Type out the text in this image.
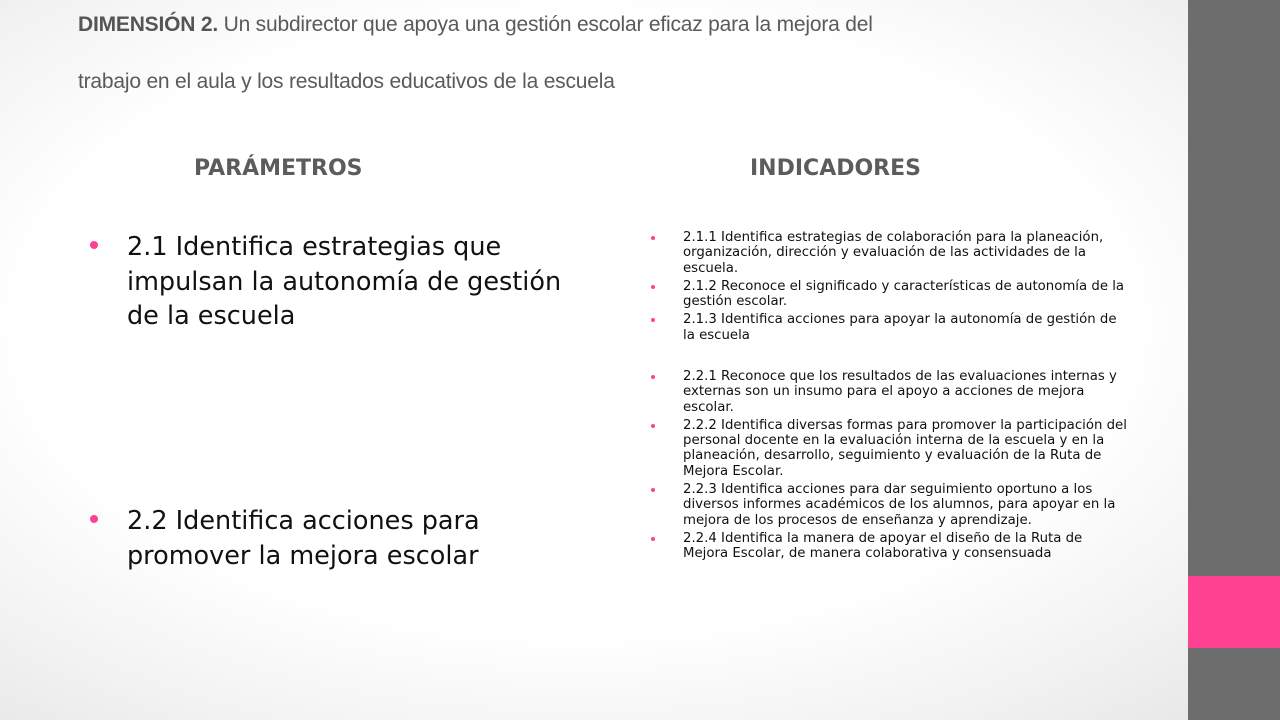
DIMENSIÓN 2. Un subdirector que apoya una gestión escolar eficaz para la mejora del
trabajo en el aula y los resultados educativos de la escuela
PARÁMETROS	INDICADORES
2.1 Identifica estrategias que impulsan la autonomía de gestión de la escuela
2.2 Identifica acciones para promover la mejora escolar
2.1.1 Identifica estrategias de colaboración para la planeación, organización, dirección y evaluación de las actividades de la escuela.
2.1.2 Reconoce el significado y características de autonomía de la gestión escolar.
2.1.3 Identifica acciones para apoyar la autonomía de gestión de la escuela
2.2.1 Reconoce que los resultados de las evaluaciones internas y externas son un insumo para el apoyo a acciones de mejora escolar.
2.2.2 Identifica diversas formas para promover la participación del personal docente en la evaluación interna de la escuela y en la planeación, desarrollo, seguimiento y evaluación de la Ruta de Mejora Escolar.
2.2.3 Identifica acciones para dar seguimiento oportuno a los diversos informes académicos de los alumnos, para apoyar en la mejora de los procesos de enseñanza y aprendizaje.
2.2.4 Identifica la manera de apoyar el diseño de la Ruta de Mejora Escolar, de manera colaborativa y consensuada
